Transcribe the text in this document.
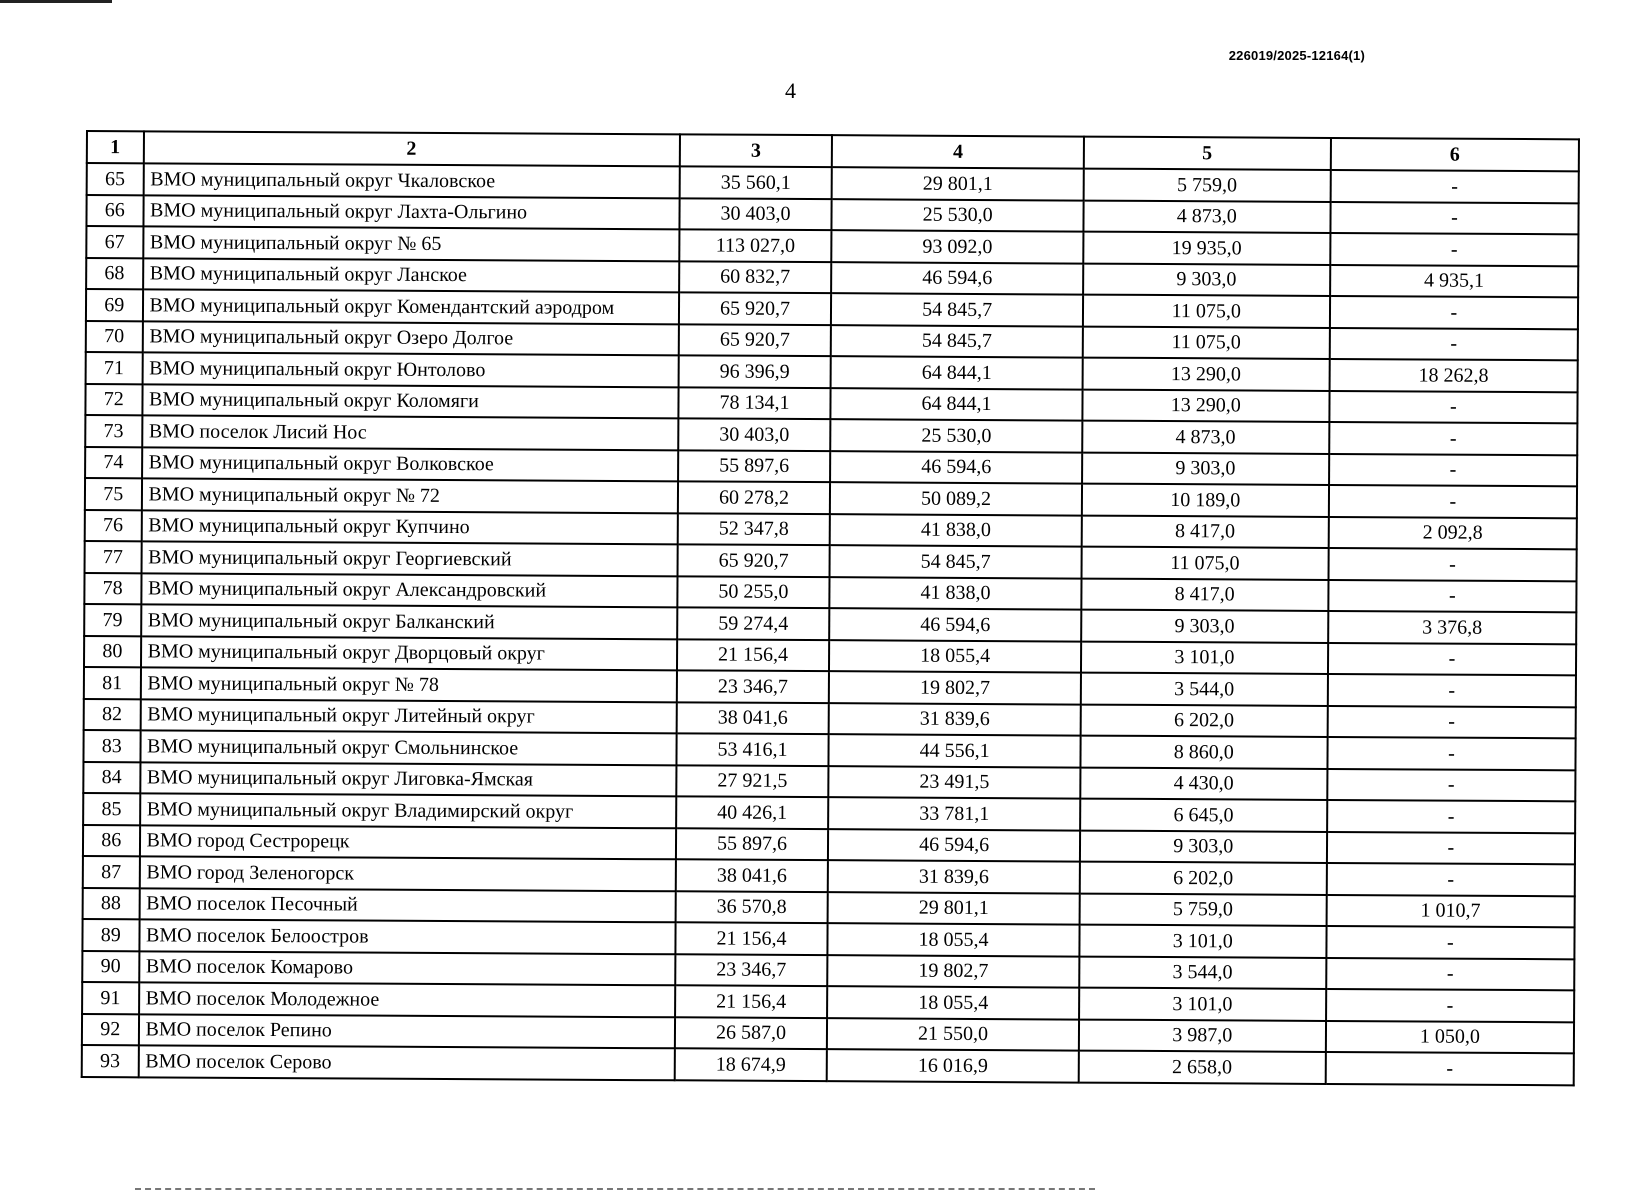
226019/2025-12164(1)
4
1	2	3	4	5	6
65	ВМО муниципальный округ Чкаловское	35 560,1	29 801,1	5 759,0	-
66	ВМО муниципальный округ Лахта-Ольгино	30 403,0	25 530,0	4 873,0	-
67	ВМО муниципальный округ № 65	113 027,0	93 092,0	19 935,0	-
68	ВМО муниципальный округ Ланское	60 832,7	46 594,6	9 303,0	4 935,1
69	ВМО муниципальный округ Комендантский аэродром	65 920,7	54 845,7	11 075,0	-
70	ВМО муниципальный округ Озеро Долгое	65 920,7	54 845,7	11 075,0	-
71	ВМО муниципальный округ Юнтолово	96 396,9	64 844,1	13 290,0	18 262,8
72	ВМО муниципальный округ Коломяги	78 134,1	64 844,1	13 290,0	-
73	ВМО поселок Лисий Нос	30 403,0	25 530,0	4 873,0	-
74	ВМО муниципальный округ Волковское	55 897,6	46 594,6	9 303,0	-
75	ВМО муниципальный округ № 72	60 278,2	50 089,2	10 189,0	-
76	ВМО муниципальный округ Купчино	52 347,8	41 838,0	8 417,0	2 092,8
77	ВМО муниципальный округ Георгиевский	65 920,7	54 845,7	11 075,0	-
78	ВМО муниципальный округ Александровский	50 255,0	41 838,0	8 417,0	-
79	ВМО муниципальный округ Балканский	59 274,4	46 594,6	9 303,0	3 376,8
80	ВМО муниципальный округ Дворцовый округ	21 156,4	18 055,4	3 101,0	-
81	ВМО муниципальный округ № 78	23 346,7	19 802,7	3 544,0	-
82	ВМО муниципальный округ Литейный округ	38 041,6	31 839,6	6 202,0	-
83	ВМО муниципальный округ Смольнинское	53 416,1	44 556,1	8 860,0	-
84	ВМО муниципальный округ Лиговка-Ямская	27 921,5	23 491,5	4 430,0	-
85	ВМО муниципальный округ Владимирский округ	40 426,1	33 781,1	6 645,0	-
86	ВМО город Сестрорецк	55 897,6	46 594,6	9 303,0	-
87	ВМО город Зеленогорск	38 041,6	31 839,6	6 202,0	-
88	ВМО поселок Песочный	36 570,8	29 801,1	5 759,0	1 010,7
89	ВМО поселок Белоостров	21 156,4	18 055,4	3 101,0	-
90	ВМО поселок Комарово	23 346,7	19 802,7	3 544,0	-
91	ВМО поселок Молодежное	21 156,4	18 055,4	3 101,0	-
92	ВМО поселок Репино	26 587,0	21 550,0	3 987,0	1 050,0
93	ВМО поселок Серово	18 674,9	16 016,9	2 658,0	-
